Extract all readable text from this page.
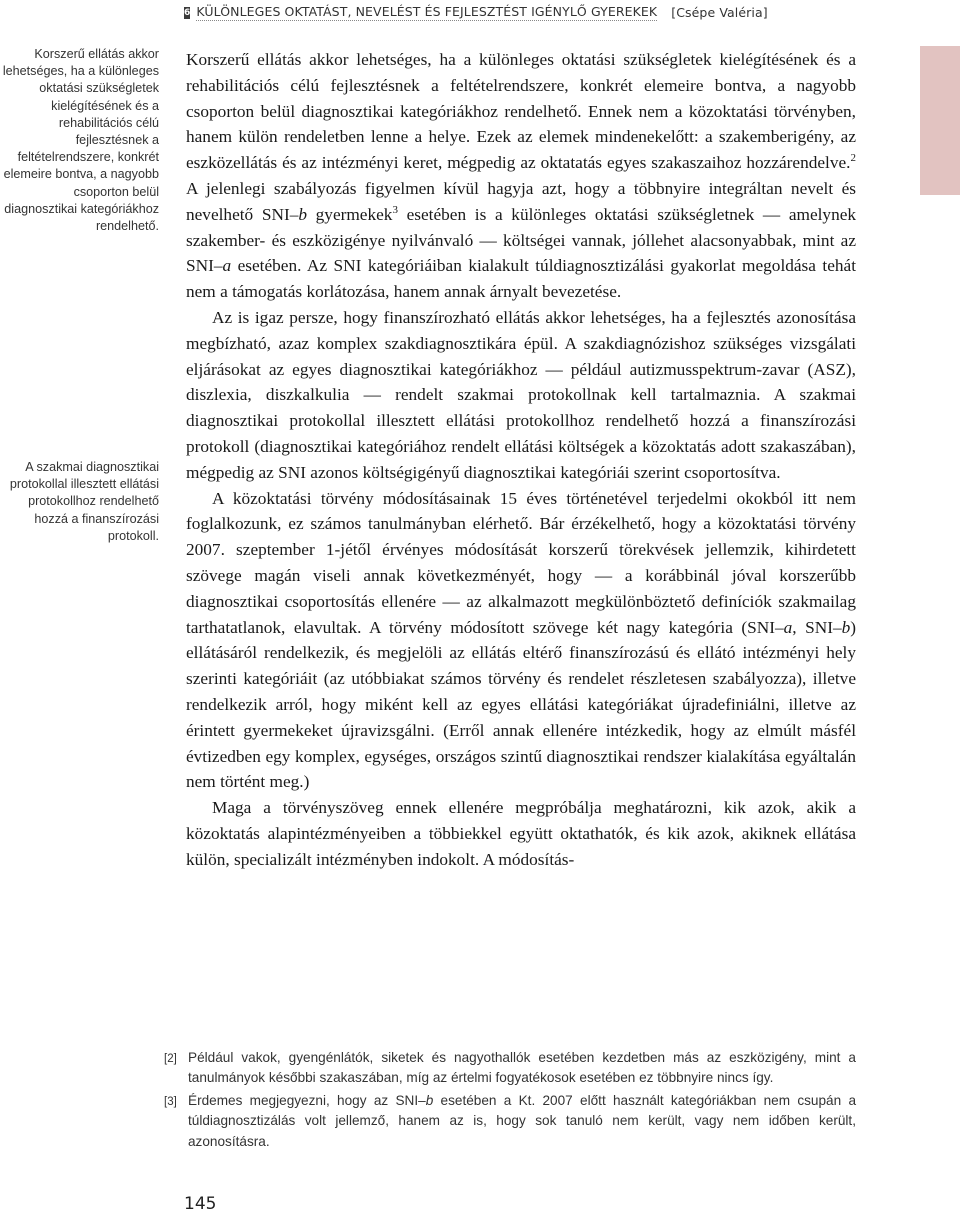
6 KÜLÖNLEGES OKTATÁST, NEVELÉST ÉS FEJLESZTÉST IGÉNYLŐ GYEREKEK [Csépe Valéria]
Korszerű ellátás akkor lehetséges, ha a különleges oktatási szükségletek kielégítésének és a rehabilitációs célú fejlesztésnek a feltételrendszere, konkrét elemeire bontva, a nagyobb csoporton belül diagnosztikai kategóriákhoz rendelhető.
A szakmai diagnosztikai protokollal illesztett ellátási protokollhoz rendelhető hozzá a finanszírozási protokoll.

Korszerű ellátás akkor lehetséges, ha a különleges oktatási szükségletek kielégítésének és a rehabilitációs célú fejlesztésnek a feltételrendszere, konkrét elemeire bontva, a nagyobb csoporton belül diagnosztikai kategóriákhoz rendelhető. Ennek nem a közoktatási törvényben, hanem külön rendeletben lenne a helye. Ezek az elemek mindenekelőtt: a szakemberigény, az eszközellátás és az intézményi keret, mégpedig az oktatatás egyes szakaszaihoz hozzárendelve.$^2$ A jelenlegi szabályozás figyelmen kívül hagyja azt, hogy a többnyire integráltan nevelt és nevelhető SNI–b gyermekek$^3$ esetében is a különleges oktatási szükségletnek — amelynek szakember- és eszközigénye nyilvánvaló — költségei vannak, jóllehet alacsonyabbak, mint az SNI–a esetében. Az SNI kategóriáiban kialakult túldiagnosztizálási gyakorlat megoldása tehát nem a támogatás korlátozása, hanem annak árnyalt bevezetése.

Az is igaz persze, hogy finanszírozható ellátás akkor lehetséges, ha a fejlesztés azonosítása megbízható, azaz komplex szakdiagnosztikára épül. A szakdiagnózishoz szükséges vizsgálati eljárásokat az egyes diagnosztikai kategóriákhoz — például autizmusspektrum-zavar (ASZ), diszlexia, diszkalkulia — rendelt szakmai protokollnak kell tartalmaznia. A szakmai diagnosztikai protokollal illesztett ellátási protokollhoz rendelhető hozzá a finanszírozási protokoll (diagnosztikai kategóriához rendelt ellátási költségek a közoktatás adott szakaszában), mégpedig az SNI azonos költségigényű diagnosztikai kategóriái szerint csoportosítva.

A közoktatási törvény módosításainak 15 éves történetével terjedelmi okokból itt nem foglalkozunk, ez számos tanulmányban elérhető. Bár érzékelhető, hogy a közoktatási törvény 2007. szeptember 1-jétől érvényes módosítását korszerű törekvések jellemzik, kihirdetett szövege magán viseli annak következményét, hogy — a korábbinál jóval korszerűbb diagnosztikai csoportosítás ellenére — az alkalmazott megkülönböztető definíciók szakmailag tarthatatlanok, elavultak. A törvény módosított szövege két nagy kategória (SNI–a, SNI–b) ellátásáról rendelkezik, és megjelöli az ellátás eltérő finanszírozású és ellátó intézményi hely szerinti kategóriáit (az utóbbiakat számos törvény és rendelet részletesen szabályozza), illetve rendelkezik arról, hogy miként kell az egyes ellátási kategóriákat újradefiniálni, illetve az érintett gyermekeket újravizsgálni. (Erről annak ellenére intézkedik, hogy az elmúlt másfél évtizedben egy komplex, egységes, országos szintű diagnosztikai rendszer kialakítása egyáltalán nem történt meg.)

Maga a törvényszöveg ennek ellenére megpróbálja meghatározni, kik azok, akik a közoktatás alapintézményeiben a többiekkel együtt oktathatók, és kik azok, akiknek ellátása külön, specializált intézményben indokolt. A módosítás-

[2] Például vakok, gyengénlátók, siketek és nagyothallók esetében kezdetben más az eszközigény, mint a tanulmányok későbbi szakaszában, míg az értelmi fogyatékosok esetében ez többnyire nincs így.
[3] Érdemes megjegyezni, hogy az SNI–b esetében a Kt. 2007 előtt használt kategóriákban nem csupán a túldiagnosztizálás volt jellemző, hanem az is, hogy sok tanuló nem került, vagy nem időben került, azonosításra.
145
